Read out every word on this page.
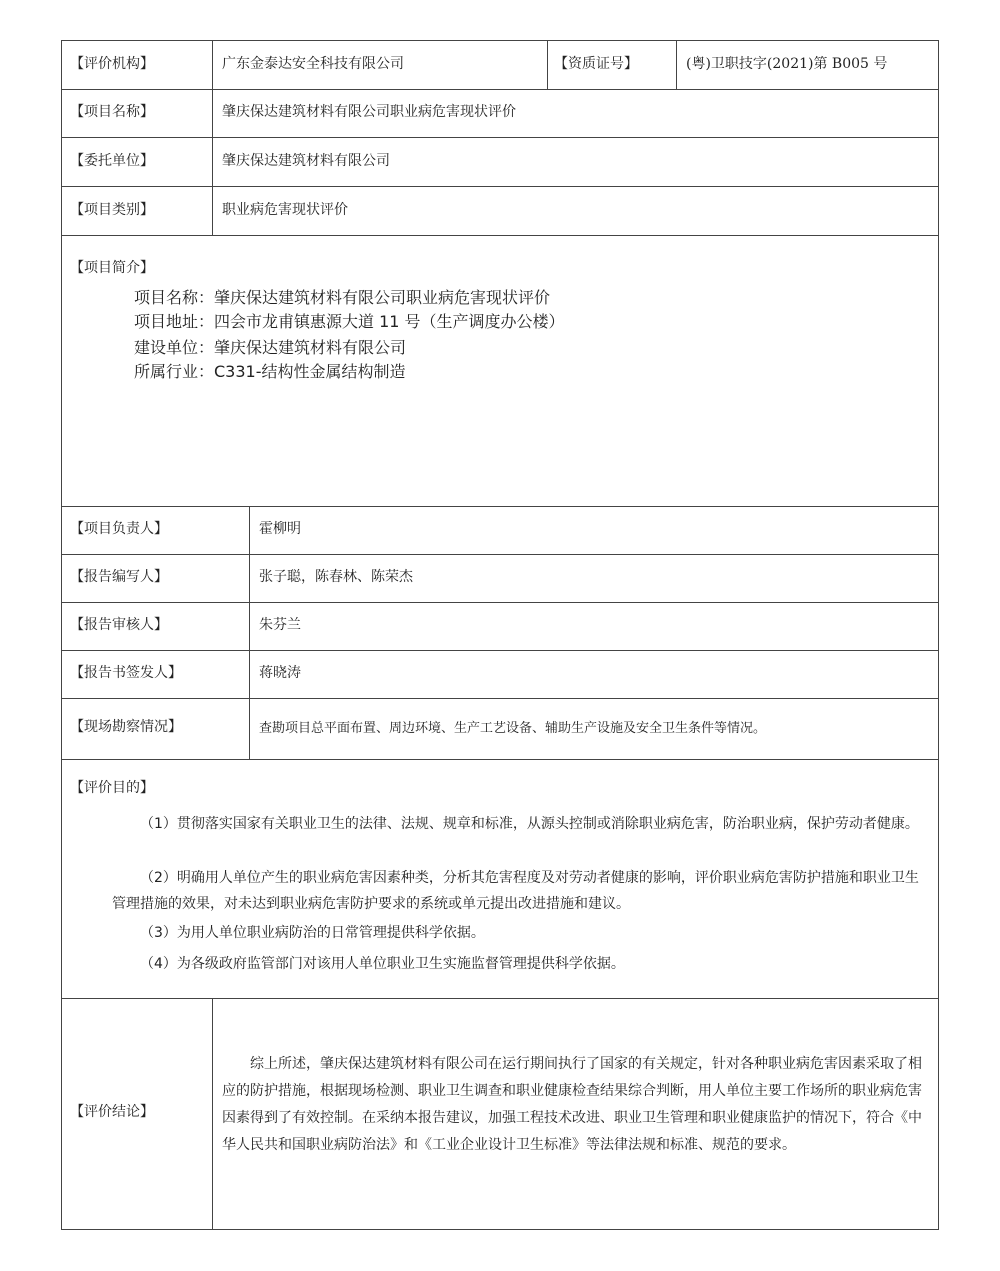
【评价机构】	广东金泰达安全科技有限公司	【资质证号】	(粤)卫职技字(2021)第 B005 号
【项目名称】	肇庆保达建筑材料有限公司职业病危害现状评价
【委托单位】	肇庆保达建筑材料有限公司
【项目类别】	职业病危害现状评价
【项目简介】
项目名称：肇庆保达建筑材料有限公司职业病危害现状评价
项目地址：四会市龙甫镇惠源大道 11 号（生产调度办公楼）
建设单位：肇庆保达建筑材料有限公司
所属行业：C331-结构性金属结构制造
【项目负责人】	霍柳明
【报告编写人】	张子聪，陈春林、陈荣杰
【报告审核人】	朱芬兰
【报告书签发人】	蒋晓涛
【现场勘察情况】	查勘项目总平面布置、周边环境、生产工艺设备、辅助生产设施及安全卫生条件等情况。
【评价目的】
（1）贯彻落实国家有关职业卫生的法律、法规、规章和标准，从源头控制或消除职业病危害，防治职业病，保护劳动者健康。
（2）明确用人单位产生的职业病危害因素种类，分析其危害程度及对劳动者健康的影响，评价职业病危害防护措施和职业卫生管理措施的效果，对未达到职业病危害防护要求的系统或单元提出改进措施和建议。
（3）为用人单位职业病防治的日常管理提供科学依据。
（4）为各级政府监管部门对该用人单位职业卫生实施监督管理提供科学依据。
【评价结论】
综上所述，肇庆保达建筑材料有限公司在运行期间执行了国家的有关规定，针对各种职业病危害因素采取了相应的防护措施，根据现场检测、职业卫生调查和职业健康检查结果综合判断，用人单位主要工作场所的职业病危害因素得到了有效控制。在采纳本报告建议，加强工程技术改进、职业卫生管理和职业健康监护的情况下，符合《中华人民共和国职业病防治法》和《工业企业设计卫生标准》等法律法规和标准、规范的要求。
